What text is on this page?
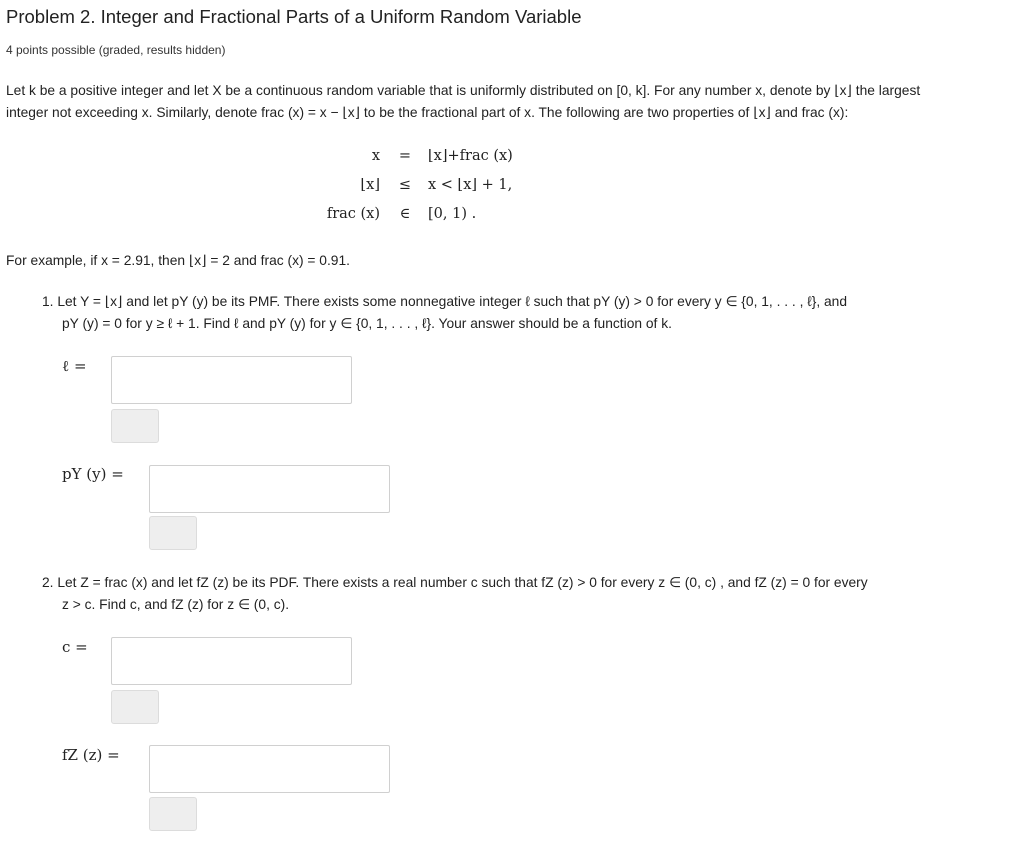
Problem 2. Integer and Fractional Parts of a Uniform Random Variable
4 points possible (graded, results hidden)
Let k be a positive integer and let X be a continuous random variable that is uniformly distributed on [0, k]. For any number x, denote by ⌊x⌋ the largest
integer not exceeding x. Similarly, denote frac (x) = x − ⌊x⌋ to be the fractional part of x. The following are two properties of ⌊x⌋ and frac (x):
x = ⌊x⌋+frac (x)
⌊x⌋ ≤ x < ⌊x⌋ + 1,
frac (x)	∈	[0, 1) .
For example, if x = 2.91, then ⌊x⌋ = 2 and frac (x) = 0.91.
1. Let Y = ⌊x⌋ and let pY (y) be its PMF. There exists some nonnegative integer ℓ such that pY (y) > 0 for every y ∈ {0, 1, . . . , ℓ}, and
pY (y) = 0 for y ≥ ℓ + 1. Find ℓ and pY (y) for y ∈ {0, 1, . . . , ℓ}. Your answer should be a function of k.
ℓ =
pY (y) =
2. Let Z = frac (x) and let fZ (z) be its PDF. There exists a real number c such that fZ (z) > 0 for every z ∈ (0, c) , and fZ (z) = 0 for every
z > c. Find c, and fZ (z) for z ∈ (0, c).
c =
fZ (z) =
